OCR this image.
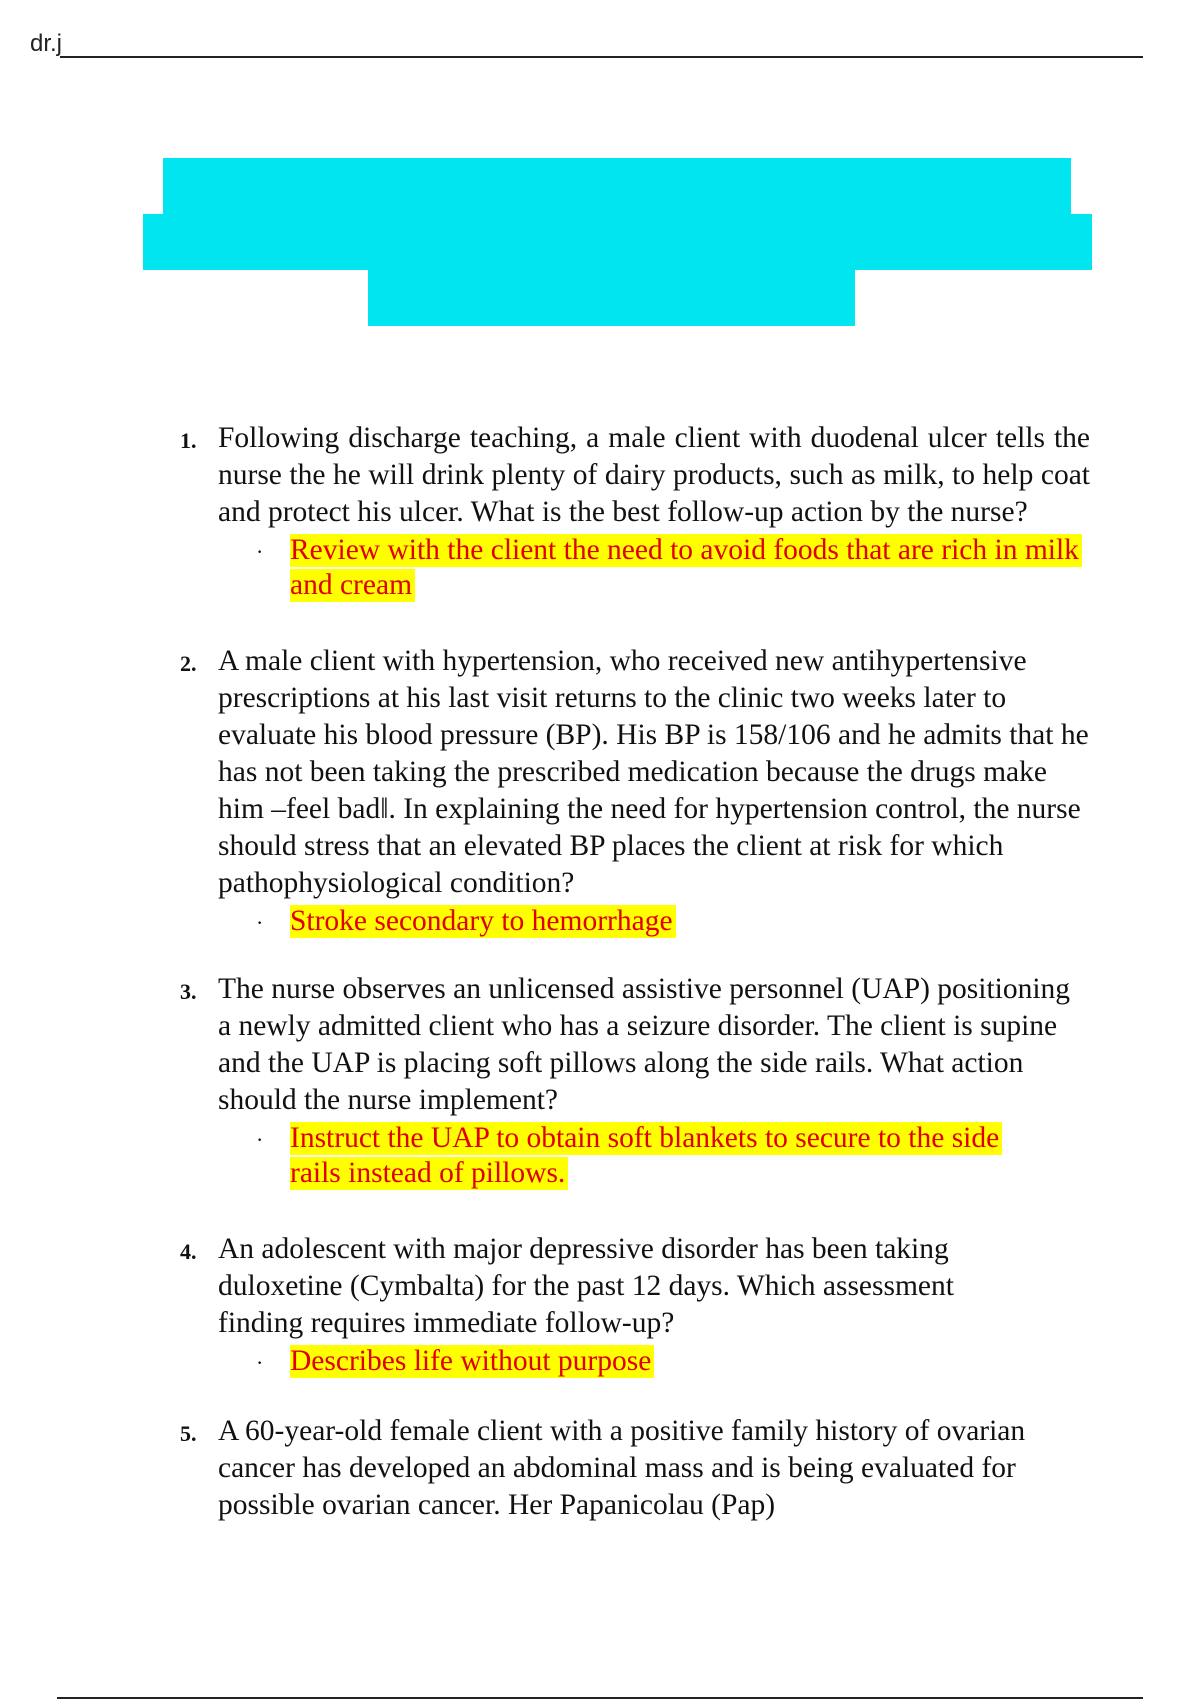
dr.j
1. Following discharge teaching, a male client with duodenal ulcer tells the nurse the he will drink plenty of dairy products, such as milk, to help coat and protect his ulcer. What is the best follow-up action by the nurse?

· Review with the client the need to avoid foods that are rich in milk and cream
2. A male client with hypertension, who received new antihypertensive prescriptions at his last visit returns to the clinic two weeks later to evaluate his blood pressure (BP). His BP is 158/106 and he admits that he has not been taking the prescribed medication because the drugs make him –feel bad‖. In explaining the need for hypertension control, the nurse should stress that an elevated BP places the client at risk for which pathophysiological condition?

· Stroke secondary to hemorrhage
3. The nurse observes an unlicensed assistive personnel (UAP) positioning a newly admitted client who has a seizure disorder. The client is supine and the UAP is placing soft pillows along the side rails. What action should the nurse implement?

· Instruct the UAP to obtain soft blankets to secure to the side rails instead of pillows.
4. An adolescent with major depressive disorder has been taking duloxetine (Cymbalta) for the past 12 days. Which assessment finding requires immediate follow-up?

· Describes life without purpose
5. A 60-year-old female client with a positive family history of ovarian cancer has developed an abdominal mass and is being evaluated for possible ovarian cancer. Her Papanicolau (Pap)
